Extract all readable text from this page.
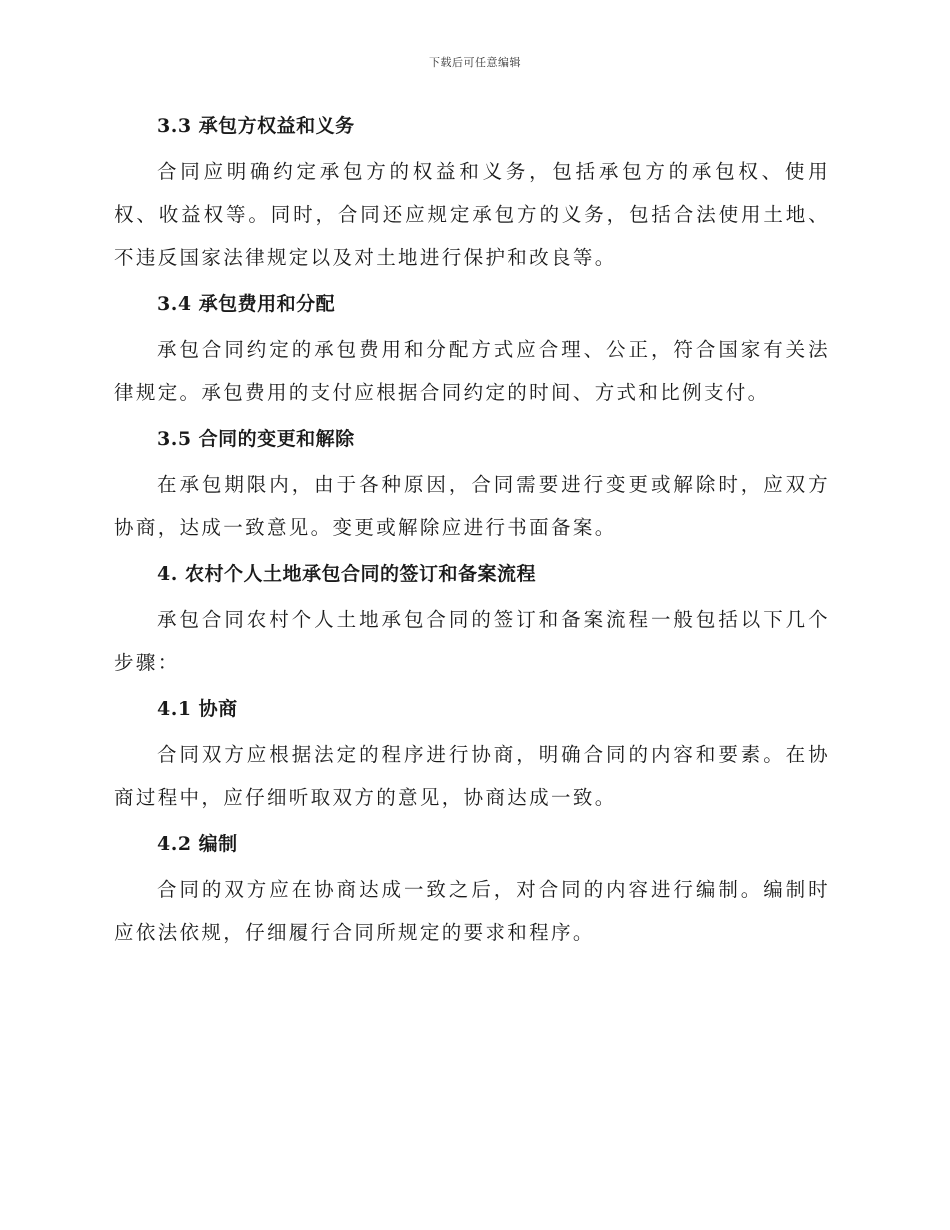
下载后可任意编辑
3.3 承包方权益和义务

合同应明确约定承包方的权益和义务，包括承包方的承包权、使用权、收益权等。同时，合同还应规定承包方的义务，包括合法使用土地、不违反国家法律规定以及对土地进行保护和改良等。

3.4 承包费用和分配

承包合同约定的承包费用和分配方式应合理、公正，符合国家有关法律规定。承包费用的支付应根据合同约定的时间、方式和比例支付。

3.5 合同的变更和解除

在承包期限内，由于各种原因，合同需要进行变更或解除时，应双方协商，达成一致意见。变更或解除应进行书面备案。

4. 农村个人土地承包合同的签订和备案流程

承包合同农村个人土地承包合同的签订和备案流程一般包括以下几个步骤：

4.1 协商

合同双方应根据法定的程序进行协商，明确合同的内容和要素。在协商过程中，应仔细听取双方的意见，协商达成一致。

4.2 编制

合同的双方应在协商达成一致之后，对合同的内容进行编制。编制时应依法依规，仔细履行合同所规定的要求和程序。
